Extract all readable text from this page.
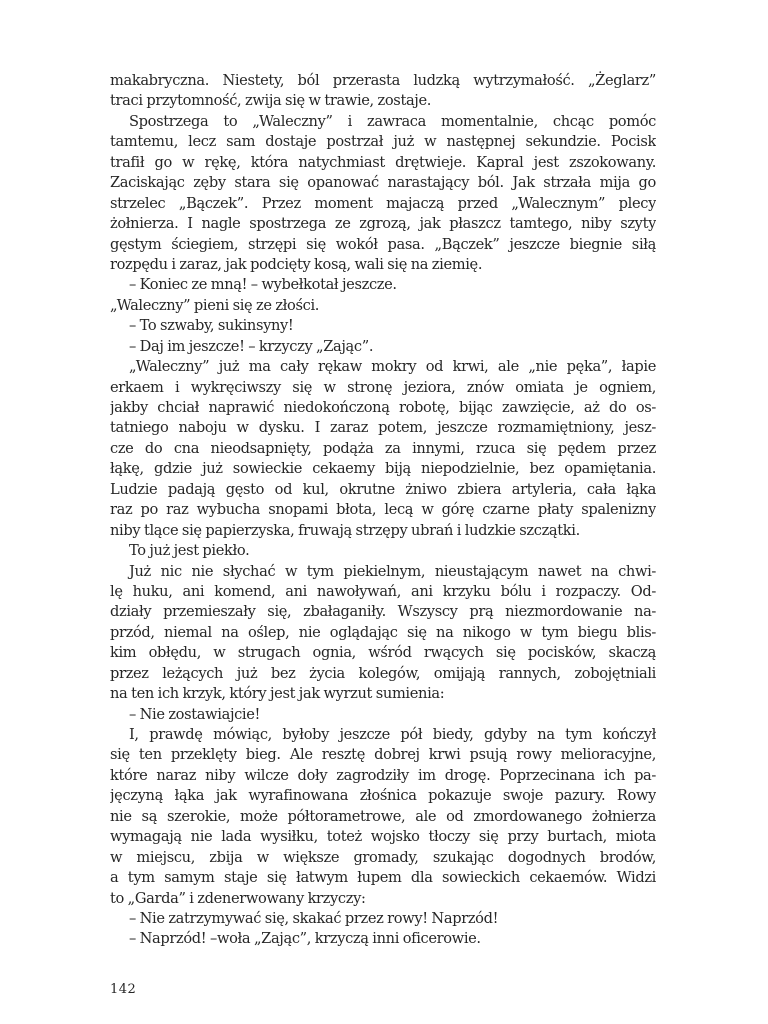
makabryczna. Niestety, ból przerasta ludzką wytrzymałość. „Żeglarz”
traci przytomność, zwija się w trawie, zostaje.
Spostrzega to „Waleczny” i zawraca momentalnie, chcąc pomóc
tamtemu, lecz sam dostaje postrzał już w następnej sekundzie. Pocisk
trafił go w rękę, która natychmiast drętwieje. Kapral jest zszokowany.
Zaciskając zęby stara się opanować narastający ból. Jak strzała mija go
strzelec „Bączek”. Przez moment majaczą przed „Walecznym” plecy
żołnierza. I nagle spostrzega ze zgrozą, jak płaszcz tamtego, niby szyty
gęstym ściegiem, strzępi się wokół pasa. „Bączek” jeszcze biegnie siłą
rozpędu i zaraz, jak podcięty kosą, wali się na ziemię.
– Koniec ze mną! – wybełkotał jeszcze.
„Waleczny” pieni się ze złości.
– To szwaby, sukinsyny!
– Daj im jeszcze! – krzyczy „Zając”.
„Waleczny” już ma cały rękaw mokry od krwi, ale „nie pęka”, łapie
erkaem i wykręciwszy się w stronę jeziora, znów omiata je ogniem,
jakby chciał naprawić niedokończoną robotę, bijąc zawzięcie, aż do os-
tatniego naboju w dysku. I zaraz potem, jeszcze rozmamiętniony, jesz-
cze do cna nieodsapnięty, podąża za innymi, rzuca się pędem przez
łąkę, gdzie już sowieckie cekaemy biją niepodzielnie, bez opamiętania.
Ludzie padają gęsto od kul, okrutne żniwo zbiera artyleria, cała łąka
raz po raz wybucha snopami błota, lecą w górę czarne płaty spalenizny
niby tlące się papierzyska, fruwają strzępy ubrań i ludzkie szczątki.
To już jest piekło.
Już nic nie słychać w tym piekielnym, nieustającym nawet na chwi-
lę huku, ani komend, ani nawoływań, ani krzyku bólu i rozpaczy. Od-
działy przemieszały się, zbałaganiły. Wszyscy prą niezmordowanie na-
przód, niemal na oślep, nie oglądając się na nikogo w tym biegu blis-
kim obłędu, w strugach ognia, wśród rwących się pocisków, skaczą
przez leżących już bez życia kolegów, omijają rannych, zobojętniali
na ten ich krzyk, który jest jak wyrzut sumienia:
– Nie zostawiajcie!
I, prawdę mówiąc, byłoby jeszcze pół biedy, gdyby na tym kończył
się ten przeklęty bieg. Ale resztę dobrej krwi psują rowy melioracyjne,
które naraz niby wilcze doły zagrodziły im drogę. Poprzecinana ich pa-
jęczyną łąka jak wyrafinowana złośnica pokazuje swoje pazury. Rowy
nie są szerokie, może półtorametrowe, ale od zmordowanego żołnierza
wymagają nie lada wysiłku, toteż wojsko tłoczy się przy burtach, miota
w miejscu, zbija w większe gromady, szukając dogodnych brodów,
a tym samym staje się łatwym łupem dla sowieckich cekaemów. Widzi
to „Garda” i zdenerwowany krzyczy:
– Nie zatrzymywać się, skakać przez rowy! Naprzód!
– Naprzód! –woła „Zając”, krzyczą inni oficerowie.
142
